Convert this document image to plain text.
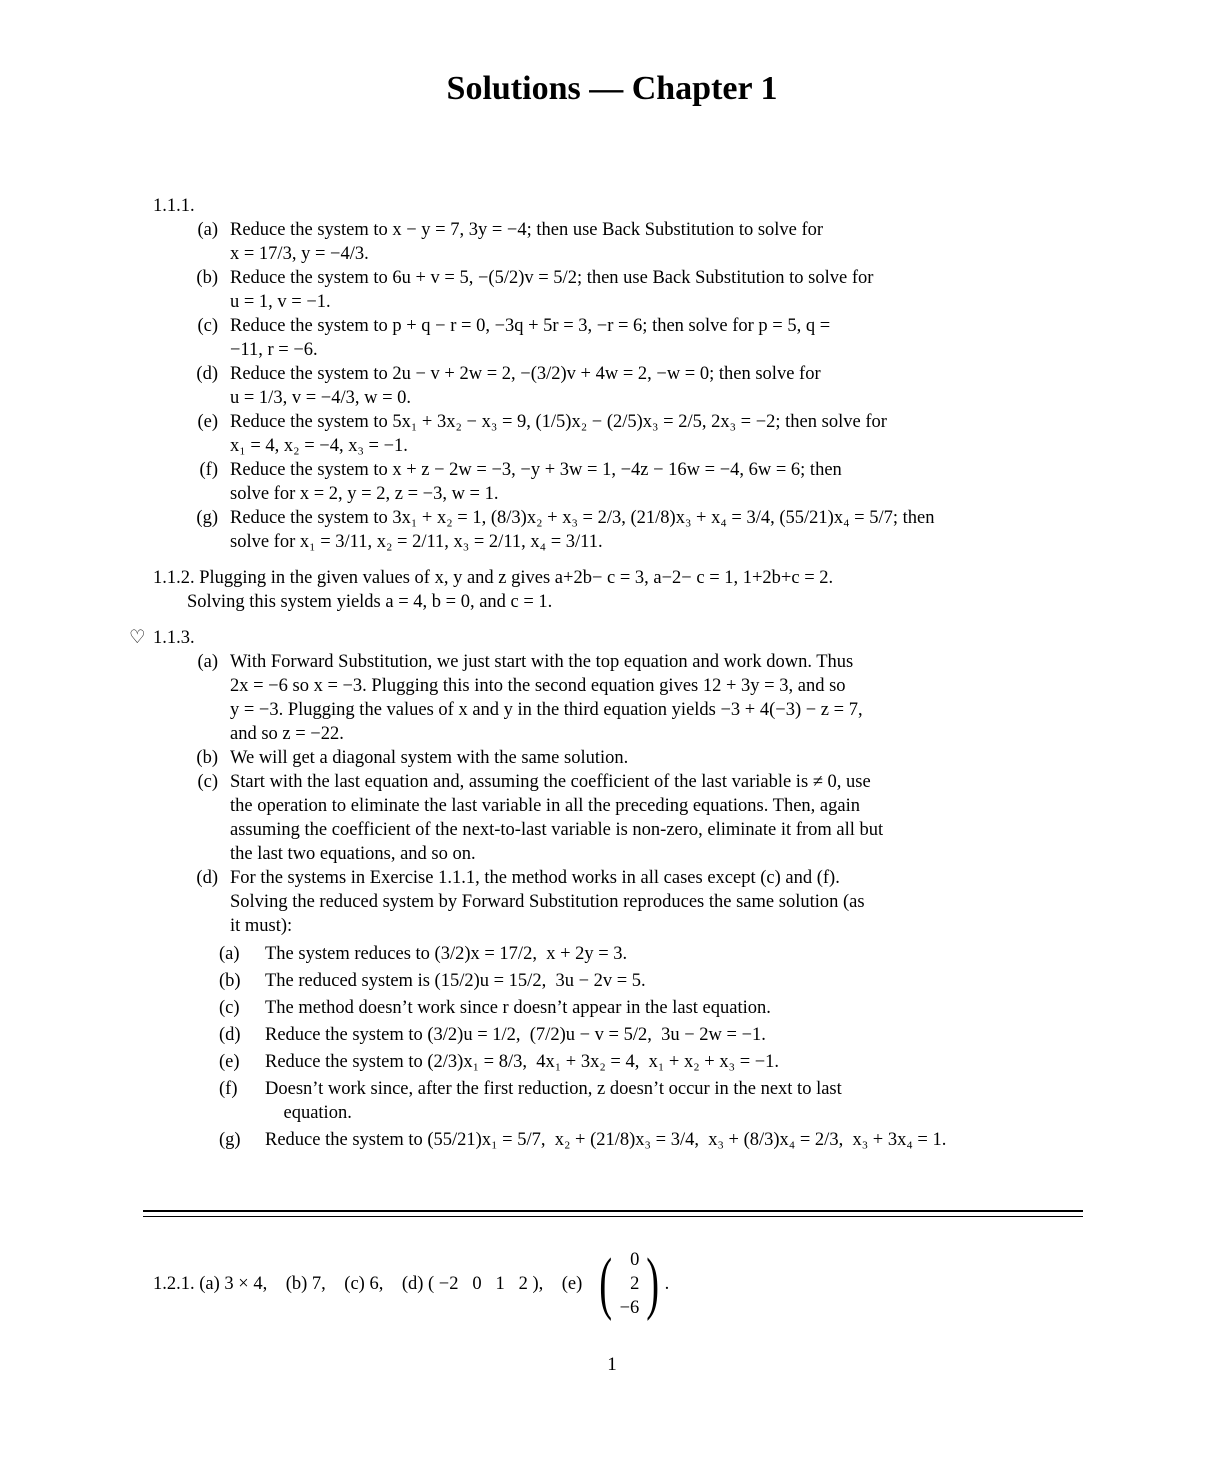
Solutions — Chapter 1
1.1.1.
(a) Reduce the system to x − y = 7, 3y = −4; then use Back Substitution to solve for
x = 17/3, y = −4/3.
(b) Reduce the system to 6u + v = 5, −(5/2)v = 5/2; then use Back Substitution to solve for
u = 1, v = −1.
(c) Reduce the system to p + q − r = 0, −3q + 5r = 3, −r = 6; then solve for p = 5, q =
−11, r = −6.
(d) Reduce the system to 2u − v + 2w = 2, −(3/2)v + 4w = 2, −w = 0; then solve for
u = 1/3, v = −4/3, w = 0.
(e) Reduce the system to 5x₁ + 3x₂ − x₃ = 9, (1/5)x₂ − (2/5)x₃ = 2/5, 2x₃ = −2; then solve for
x₁ = 4, x₂ = −4, x₃ = −1.
(f) Reduce the system to x + z − 2w = −3, −y + 3w = 1, −4z − 16w = −4, 6w = 6; then
solve for x = 2, y = 2, z = −3, w = 1.
(g) Reduce the system to 3x₁ + x₂ = 1, (8/3)x₂ + x₃ = 2/3, (21/8)x₃ + x₄ = 3/4, (55/21)x₄ = 5/7; then
solve for x₁ = 3/11, x₂ = 2/11, x₃ = 2/11, x₄ = 3/11.
1.1.2. Plugging in the given values of x, y and z gives a+2b− c = 3, a−2− c = 1, 1+2b+c = 2.
Solving this system yields a = 4, b = 0, and c = 1.
♡ 1.1.3.
(a) With Forward Substitution, we just start with the top equation and work down. Thus
2x = −6 so x = −3. Plugging this into the second equation gives 12 + 3y = 3, and so
y = −3. Plugging the values of x and y in the third equation yields −3 + 4(−3) − z = 7,
and so z = −22.
(b) We will get a diagonal system with the same solution.
(c) Start with the last equation and, assuming the coefficient of the last variable is ≠ 0, use
the operation to eliminate the last variable in all the preceding equations. Then, again
assuming the coefficient of the next-to-last variable is non-zero, eliminate it from all but
the last two equations, and so on.
(d) For the systems in Exercise 1.1.1, the method works in all cases except (c) and (f).
Solving the reduced system by Forward Substitution reproduces the same solution (as
it must):
(a)	The system reduces to (3/2)x = 17/2,  x + 2y = 3.
(b)	The reduced system is (15/2)u = 15/2,  3u − 2v = 5.
(c)	The method doesn’t work since r doesn’t appear in the last equation.
(d)	Reduce the system to (3/2)u = 1/2,  (7/2)u − v = 5/2,  3u − 2w = −1.
(e)	Reduce the system to (2/3)x₁ = 8/3,  4x₁ + 3x₂ = 4,  x₁ + x₂ + x₃ = −1.
(f)	Doesn’t work since, after the first reduction, z doesn’t occur in the next to last
equation.
(g)	Reduce the system to (55/21)x₁ = 5/7,  x₂ + (21/8)x₃ = 3/4,  x₃ + (8/3)x₄ = 2/3,  x₃ + 3x₄ = 1.
1.2.1. (a) 3 × 4,    (b) 7,    (c) 6,    (d) ( −2   0   1   2 ),    (e) ( 0
2
−6 ) .
1
